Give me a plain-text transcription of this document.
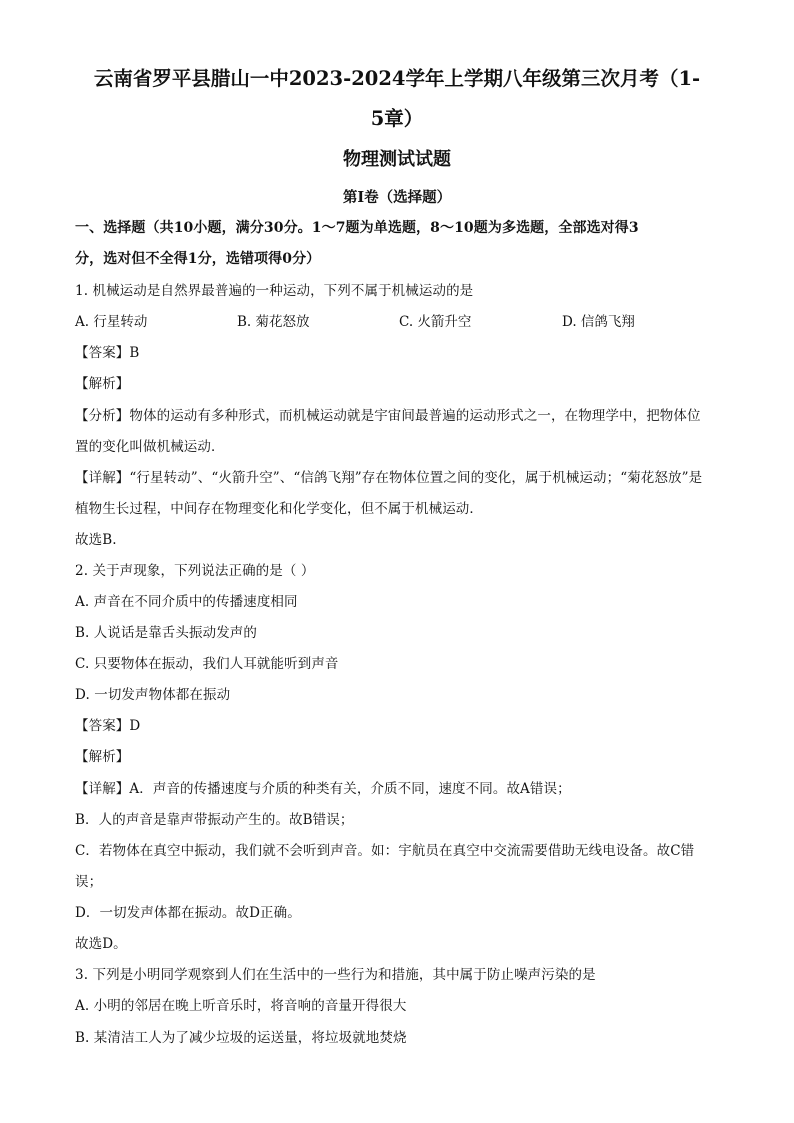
云南省罗平县腊山一中2023-2024学年上学期八年级第三次月考（1-
5章）
物理测试试题
第I卷（选择题）
一、选择题（共10小题，满分30分。1～7题为单选题，8～10题为多选题，全部选对得3
分，选对但不全得1分，选错项得0分）
1. 机械运动是自然界最普遍的一种运动，下列不属于机械运动的是
A. 行星转动	B. 菊花怒放	C. 火箭升空	D. 信鸽飞翔
【答案】B
【解析】
【分析】物体的运动有多种形式，而机械运动就是宇宙间最普遍的运动形式之一，在物理学中，把物体位
置的变化叫做机械运动．
【详解】“行星转动”、“火箭升空”、“信鸽飞翔”存在物体位置之间的变化，属于机械运动；“菊花怒放”是
植物生长过程，中间存在物理变化和化学变化，但不属于机械运动．
故选B.
2. 关于声现象，下列说法正确的是（ ）
A. 声音在不同介质中的传播速度相同
B. 人说话是靠舌头振动发声的
C. 只要物体在振动，我们人耳就能听到声音
D. 一切发声物体都在振动
【答案】D
【解析】
【详解】A．声音的传播速度与介质的种类有关，介质不同，速度不同。故A错误；
B．人的声音是靠声带振动产生的。故B错误；
C．若物体在真空中振动，我们就不会听到声音。如：宇航员在真空中交流需要借助无线电设备。故C错
误；
D．一切发声体都在振动。故D正确。
故选D。
3. 下列是小明同学观察到人们在生活中的一些行为和措施，其中属于防止噪声污染的是
A. 小明的邻居在晚上听音乐时，将音响的音量开得很大
B. 某清洁工人为了减少垃圾的运送量，将垃圾就地焚烧
